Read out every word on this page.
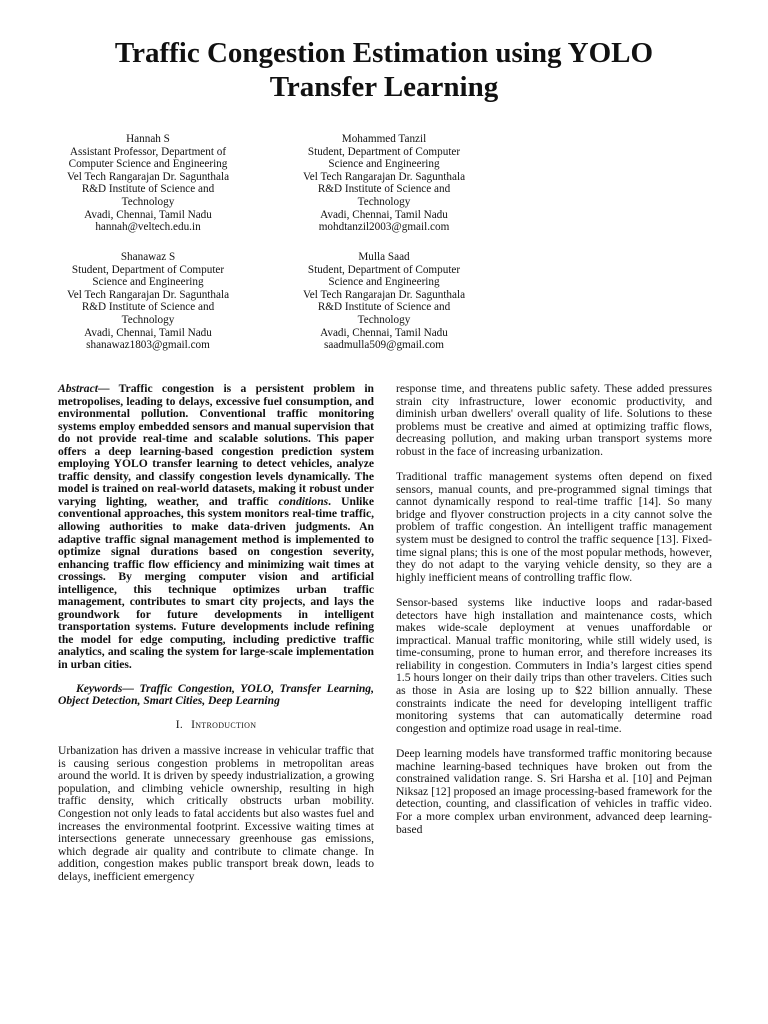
Traffic Congestion Estimation using YOLO
Transfer Learning
Hannah S
Assistant Professor, Department of
Computer Science and Engineering
Vel Tech Rangarajan Dr. Sagunthala
R&D Institute of Science and
Technology
Avadi, Chennai, Tamil Nadu
hannah@veltech.edu.in
Mohammed Tanzil
Student, Department of Computer
Science and Engineering
Vel Tech Rangarajan Dr. Sagunthala
R&D Institute of Science and
Technology
Avadi, Chennai, Tamil Nadu
mohdtanzil2003@gmail.com
Shanawaz S
Student, Department of Computer
Science and Engineering
Vel Tech Rangarajan Dr. Sagunthala
R&D Institute of Science and
Technology
Avadi, Chennai, Tamil Nadu
shanawaz1803@gmail.com
Mulla Saad
Student, Department of Computer
Science and Engineering
Vel Tech Rangarajan Dr. Sagunthala
R&D Institute of Science and
Technology
Avadi, Chennai, Tamil Nadu
saadmulla509@gmail.com

Abstract— Traffic congestion is a persistent problem in metropolises, leading to delays, excessive fuel consumption, and environmental pollution. Conventional traffic monitoring systems employ embedded sensors and manual supervision that do not provide real-time and scalable solutions. This paper offers a deep learning-based congestion prediction system employing YOLO transfer learning to detect vehicles, analyze traffic density, and classify congestion levels dynamically. The model is trained on real-world datasets, making it robust under varying lighting, weather, and traffic conditions. Unlike conventional approaches, this system monitors real-time traffic, allowing authorities to make data-driven judgments. An adaptive traffic signal management method is implemented to optimize signal durations based on congestion severity, enhancing traffic flow efficiency and minimizing wait times at crossings. By merging computer vision and artificial intelligence, this technique optimizes urban traffic management, contributes to smart city projects, and lays the groundwork for future developments in intelligent transportation systems. Future developments include refining the model for edge computing, including predictive traffic analytics, and scaling the system for large-scale implementation in urban cities.

Keywords— Traffic Congestion, YOLO, Transfer Learning, Object Detection, Smart Cities, Deep Learning

I. Introduction

Urbanization has driven a massive increase in vehicular traffic that is causing serious congestion problems in metropolitan areas around the world. It is driven by speedy industrialization, a growing population, and climbing vehicle ownership, resulting in high traffic density, which critically obstructs urban mobility. Congestion not only leads to fatal accidents but also wastes fuel and increases the environmental footprint. Excessive waiting times at intersections generate unnecessary greenhouse gas emissions, which degrade air quality and contribute to climate change. In addition, congestion makes public transport break down, leads to delays, inefficient emergency

response time, and threatens public safety. These added pressures strain city infrastructure, lower economic productivity, and diminish urban dwellers' overall quality of life. Solutions to these problems must be creative and aimed at optimizing traffic flows, decreasing pollution, and making urban transport systems more robust in the face of increasing urbanization.

Traditional traffic management systems often depend on fixed sensors, manual counts, and pre-programmed signal timings that cannot dynamically respond to real-time traffic [14]. So many bridge and flyover construction projects in a city cannot solve the problem of traffic congestion. An intelligent traffic management system must be designed to control the traffic sequence [13]. Fixed-time signal plans; this is one of the most popular methods, however, they do not adapt to the varying vehicle density, so they are a highly inefficient means of controlling traffic flow.

Sensor-based systems like inductive loops and radar-based detectors have high installation and maintenance costs, which makes wide-scale deployment at venues unaffordable or impractical. Manual traffic monitoring, while still widely used, is time-consuming, prone to human error, and therefore increases its reliability in congestion. Commuters in India’s largest cities spend 1.5 hours longer on their daily trips than other travelers. Cities such as those in Asia are losing up to $22 billion annually. These constraints indicate the need for developing intelligent traffic monitoring systems that can automatically determine road congestion and optimize road usage in real-time.

Deep learning models have transformed traffic monitoring because machine learning-based techniques have broken out from the constrained validation range. S. Sri Harsha et al. [10] and Pejman Niksaz [12] proposed an image processing-based framework for the detection, counting, and classification of vehicles in traffic video. For a more complex urban environment, advanced deep learning-based
